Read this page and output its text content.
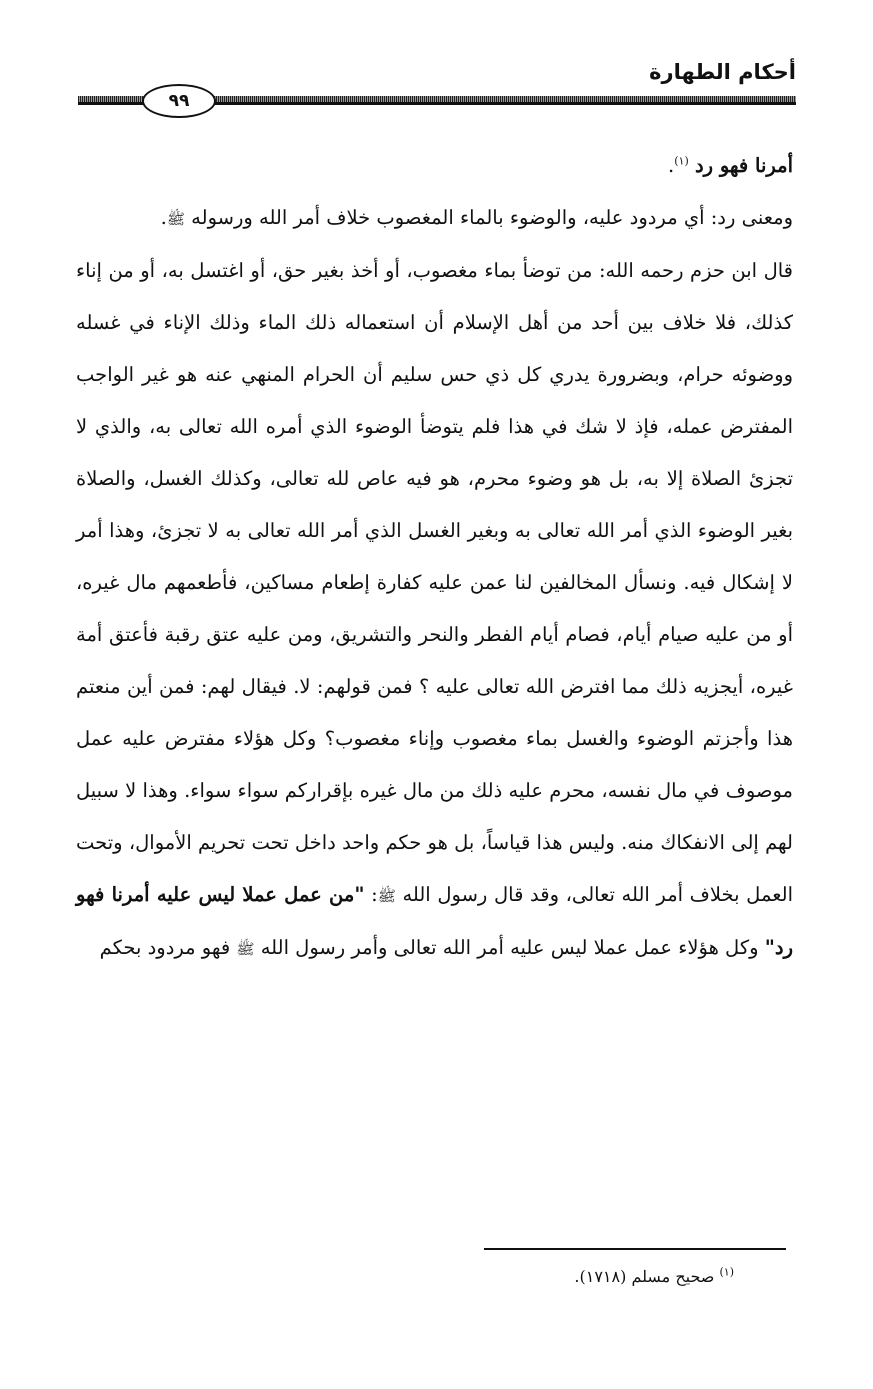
أحكام الطهارة
٩٩

أمرنا فهو رد $^{(١)}$.

ومعنى رد: أي مردود عليه، والوضوء بالماء المغصوب خلاف أمر الله ورسوله ﷺ.

قال ابن حزم رحمه الله: من توضأ بماء مغصوب، أو أخذ بغير حق، أو اغتسل به، أو من إناء كذلك، فلا خلاف بين أحد من أهل الإسلام أن استعماله ذلك الماء وذلك الإناء في غسله ووضوئه حرام، وبضرورة يدري كل ذي حس سليم أن الحرام المنهي عنه هو غير الواجب المفترض عمله، فإذ لا شك في هذا فلم يتوضأ الوضوء الذي أمره الله تعالى به، والذي لا تجزئ الصلاة إلا به، بل هو وضوء محرم، هو فيه عاص لله تعالى، وكذلك الغسل، والصلاة بغير الوضوء الذي أمر الله تعالى به وبغير الغسل الذي أمر الله تعالى به لا تجزئ، وهذا أمر لا إشكال فيه. ونسأل المخالفين لنا عمن عليه كفارة إطعام مساكين، فأطعمهم مال غيره، أو من عليه صيام أيام، فصام أيام الفطر والنحر والتشريق، ومن عليه عتق رقبة فأعتق أمة غيره، أيجزيه ذلك مما افترض الله تعالى عليه ؟ فمن قولهم: لا. فيقال لهم: فمن أين منعتم هذا وأجزتم الوضوء والغسل بماء مغصوب وإناء مغصوب؟ وكل هؤلاء مفترض عليه عمل موصوف في مال نفسه، محرم عليه ذلك من مال غيره بإقراركم سواء سواء. وهذا لا سبيل لهم إلى الانفكاك منه. وليس هذا قياساً، بل هو حكم واحد داخل تحت تحريم الأموال، وتحت العمل بخلاف أمر الله تعالى، وقد قال رسول الله ﷺ: "من عمل عملا ليس عليه أمرنا فهو رد" وكل هؤلاء عمل عملا ليس عليه أمر الله تعالى وأمر رسول الله ﷺ فهو مردود بحكم

$^{(١)}$ صحيح مسلم (١٧١٨).
